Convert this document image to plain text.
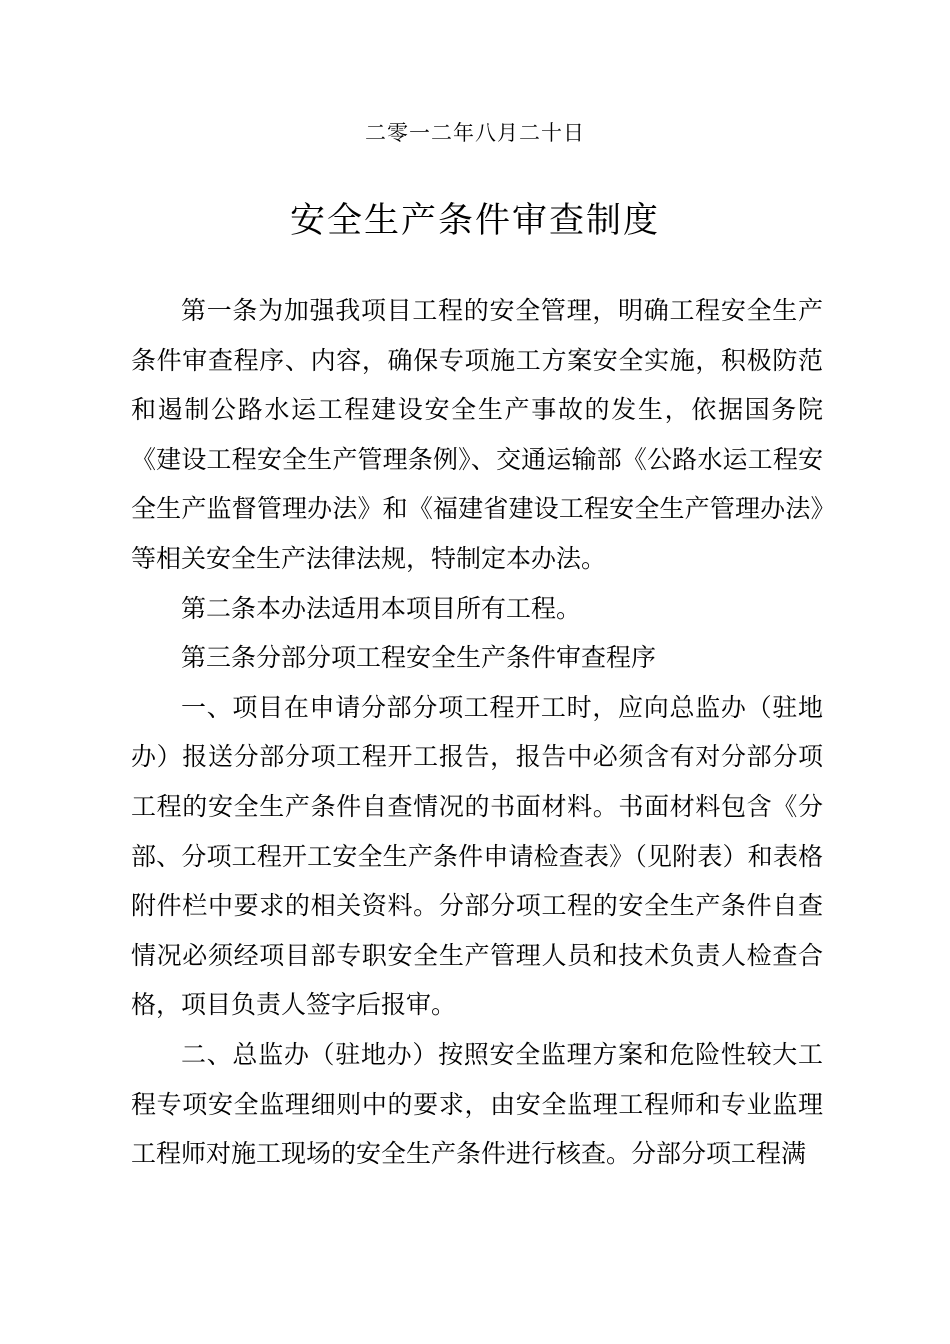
二零一二年八月二十日
安全生产条件审查制度

第一条为加强我项目工程的安全管理，明确工程安全生产条件审查程序、内容，确保专项施工方案安全实施，积极防范和遏制公路水运工程建设安全生产事故的发生，依据国务院《建设工程安全生产管理条例》、交通运输部《公路水运工程安全生产监督管理办法》和《福建省建设工程安全生产管理办法》等相关安全生产法律法规，特制定本办法。

第二条本办法适用本项目所有工程。

第三条分部分项工程安全生产条件审查程序

一、项目在申请分部分项工程开工时，应向总监办（驻地办）报送分部分项工程开工报告，报告中必须含有对分部分项工程的安全生产条件自查情况的书面材料。书面材料包含《分部、分项工程开工安全生产条件申请检查表》（见附表）和表格附件栏中要求的相关资料。分部分项工程的安全生产条件自查情况必须经项目部专职安全生产管理人员和技术负责人检查合格，项目负责人签字后报审。

二、总监办（驻地办）按照安全监理方案和危险性较大工程专项安全监理细则中的要求，由安全监理工程师和专业监理工程师对施工现场的安全生产条件进行核查。分部分项工程满
